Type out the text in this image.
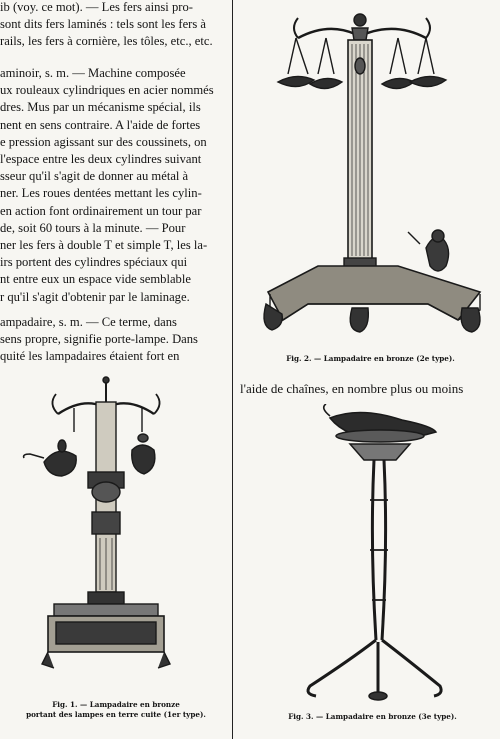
ib (voy. ce mot). — Les fers ainsi pro-
sont dits fers laminés : tels sont les fers à
rails, les fers à cornière, les tôles, etc., etc.
aminoir, s. m. — Machine composée
ux rouleaux cylindriques en acier nommés
dres. Mus par un mécanisme spécial, ils
nent en sens contraire. A l'aide de fortes
e pression agissant sur des coussinets, on
l'espace entre les deux cylindres suivant
sseur qu'il s'agit de donner au métal à
ner. Les roues dentées mettant les cylin-
en action font ordinairement un tour par
de, soit 60 tours à la minute. — Pour
ner les fers à double T et simple T, les la-
irs portent des cylindres spéciaux qui
nt entre eux un espace vide semblable
r qu'il s'agit d'obtenir par le laminage.
ampadaire, s. m. — Ce terme, dans
sens propre, signifie porte-lampe. Dans
quité les lampadaires étaient fort en	Fig. 2. — Lampadaire en bronze (2e type).
l'aide de chaînes, en nombre plus ou moins
Fig. 1. — Lampadaire en bronze
portant des lampes en terre cuite (1er type).	Fig. 3. — Lampadaire en bronze (3e type).
